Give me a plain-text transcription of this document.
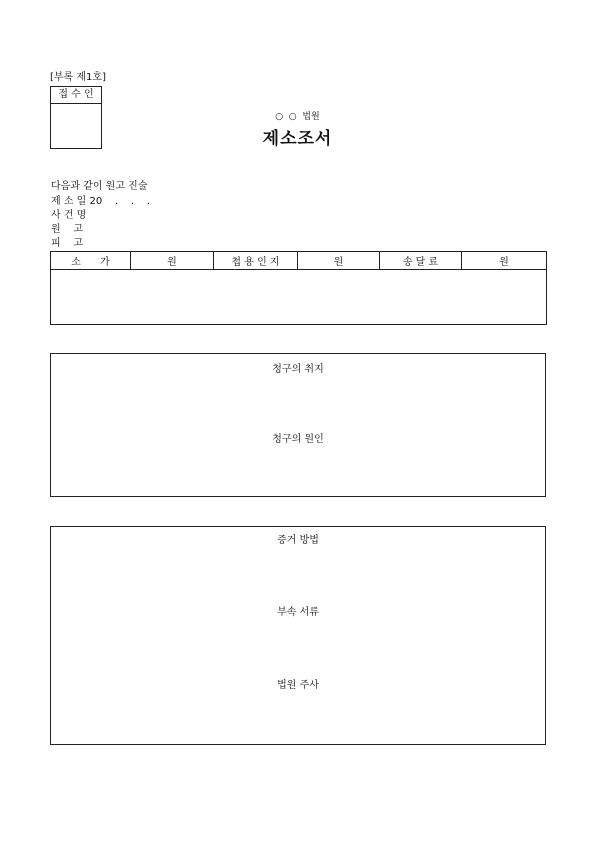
[부록 제1호]
접 수 인
○  ○  법원
제소조서
다음과 같이 원고 진술
제 소 일 20    .    .    .
사 건 명
원    고
피    고
소      가	원	첩 용 인 지	원	송 달 료	원

청구의 취지
청구의 원인
증거 방법
부속 서류
법원 주사
